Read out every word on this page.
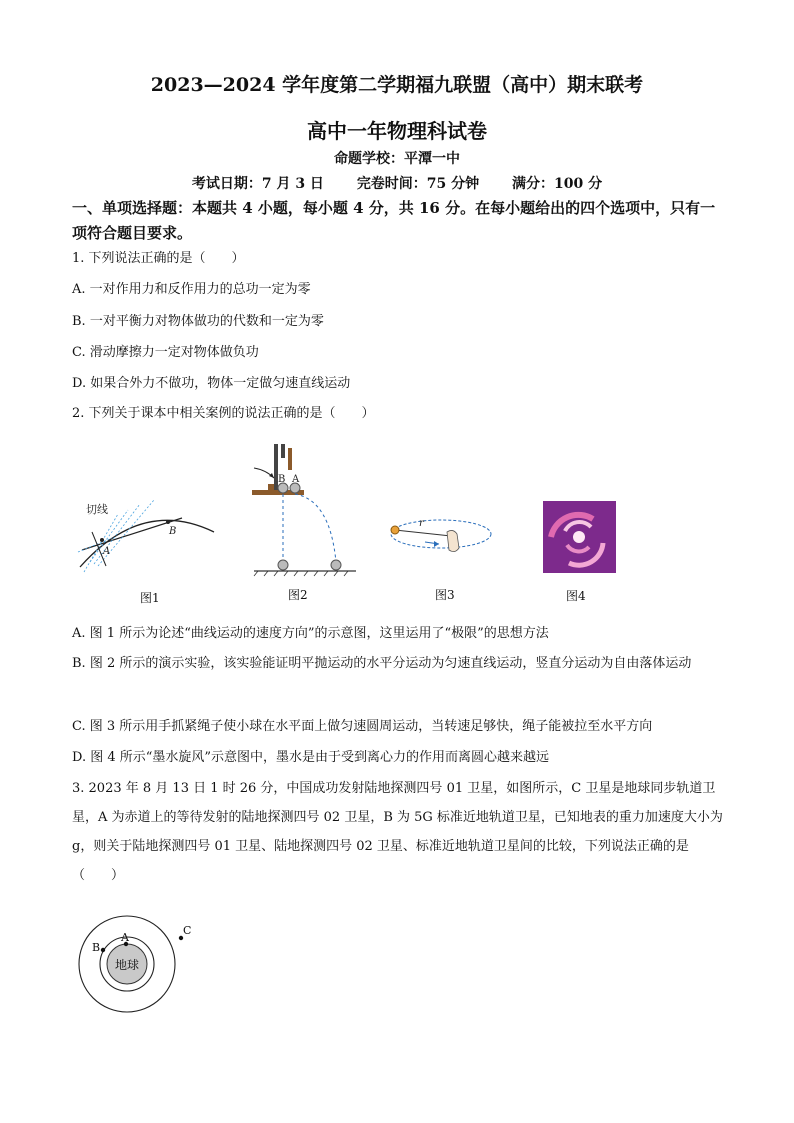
2023—2024 学年度第二学期福九联盟（高中）期末联考
高中一年物理科试卷
命题学校：平潭一中
考试日期：7 月 3 日 完卷时间：75 分钟 满分：100 分
一、单项选择题：本题共 4 小题，每小题 4 分，共 16 分。在每小题给出的四个选项中，只有一项符合题目要求。
1. 下列说法正确的是（　　）
A. 一对作用力和反作用力的总功一定为零
B. 一对平衡力对物体做功的代数和一定为零
C. 滑动摩擦力一定对物体做负功
D. 如果合外力不做功，物体一定做匀速直线运动
2. 下列关于课本中相关案例的说法正确的是（　　）
切线
A
B
图1
B A
图2
r
图3	图4
A. 图 1 所示为论述“曲线运动的速度方向”的示意图，这里运用了“极限”的思想方法
B. 图 2 所示的演示实验，该实验能证明平抛运动的水平分运动为匀速直线运动，竖直分运动为自由落体运动
C. 图 3 所示用手抓紧绳子使小球在水平面上做匀速圆周运动，当转速足够快，绳子能被拉至水平方向
D. 图 4 所示“墨水旋风”示意图中，墨水是由于受到离心力的作用而离圆心越来越远
3. 2023 年 8 月 13 日 1 时 26 分，中国成功发射陆地探测四号 01 卫星，如图所示，C 卫星是地球同步轨道卫星，A 为赤道上的等待发射的陆地探测四号 02 卫星，B 为 5G 标准近地轨道卫星，已知地表的重力加速度大小为 g，则关于陆地探测四号 01 卫星、陆地探测四号 02 卫星、标准近地轨道卫星间的比较，下列说法正确的是（　　）
地球
A
B
C
